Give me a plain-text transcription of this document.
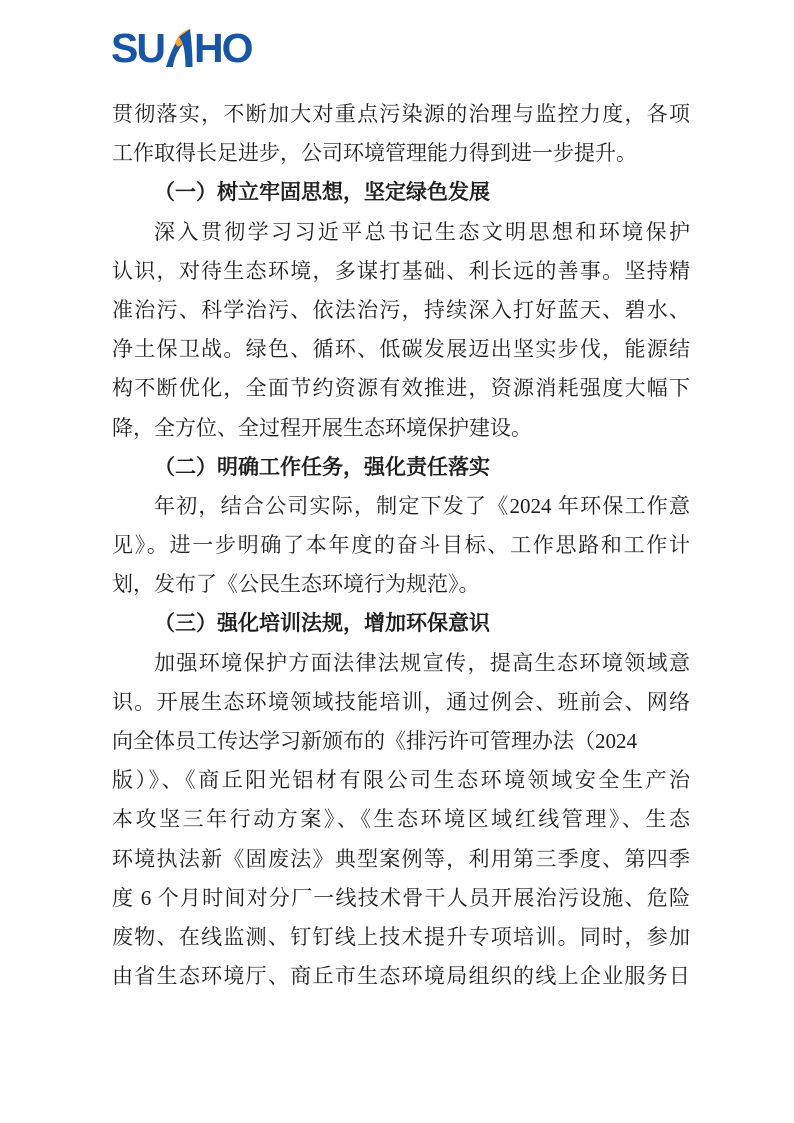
SU HO
贯彻落实，不断加大对重点污染源的治理与监控力度，各项
工作取得长足进步，公司环境管理能力得到进一步提升。
（一）树立牢固思想，坚定绿色发展
深入贯彻学习习近平总书记生态文明思想和环境保护
认识，对待生态环境，多谋打基础、利长远的善事。坚持精
准治污、科学治污、依法治污，持续深入打好蓝天、碧水、
净土保卫战。绿色、循环、低碳发展迈出坚实步伐，能源结
构不断优化，全面节约资源有效推进，资源消耗强度大幅下
降，全方位、全过程开展生态环境保护建设。
（二）明确工作任务，强化责任落实
年初，结合公司实际，制定下发了《2024 年环保工作意
见》。进一步明确了本年度的奋斗目标、工作思路和工作计
划，发布了《公民生态环境行为规范》。
（三）强化培训法规，增加环保意识
加强环境保护方面法律法规宣传，提高生态环境领域意
识。开展生态环境领域技能培训，通过例会、班前会、网络
向全体员工传达学习新颁布的《排污许可管理办法（2024
版）》、《商丘阳光铝材有限公司生态环境领域安全生产治
本攻坚三年行动方案》、《生态环境区域红线管理》、生态
环境执法新《固废法》典型案例等，利用第三季度、第四季
度 6 个月时间对分厂一线技术骨干人员开展治污设施、危险
废物、在线监测、钉钉线上技术提升专项培训。同时，参加
由省生态环境厅、商丘市生态环境局组织的线上企业服务日
